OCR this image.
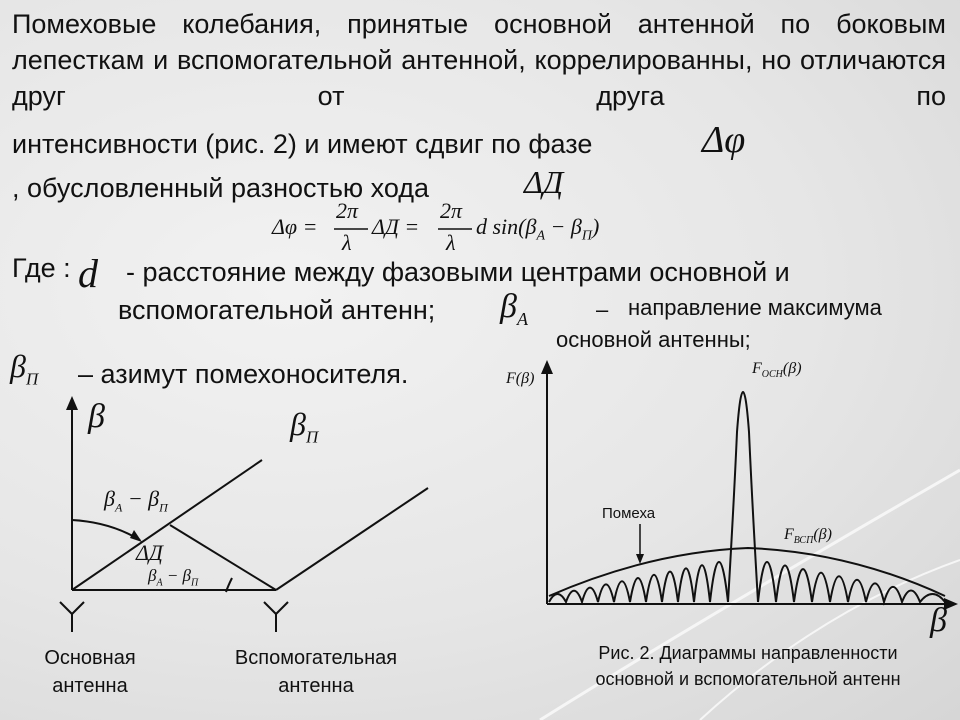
Помеховые колебания, принятые основной антенной по боковым лепесткам и вспомогательной антенной, коррелированны, но отличаются друг от друга по
интенсивности (рис. 2) и имеют сдвиг по фазе	Δφ
, обусловленный разностью хода	ΔД
Δφ =
2π
λ
ΔД =
2π
λ
d $\sin(\beta_A - \beta_П)$
Где : d - расстояние между фазовыми центрами основной и
вспомогательной антенн; $\beta_А$	– направление максимума
основной антенны;
$\beta_П$ – азимут помехоносителя.
β	$\beta_П$
$\beta_А - \beta_П$
ΔД
$\beta_А - \beta_П$
Основная антенна
Вспомогательная антенна
F(β)
β
$F_{ОСН}(\beta)$
$F_{ВСП}(\beta)$
Помеха
Рис. 2. Диаграммы направленности основной и вспомогательной антенн
